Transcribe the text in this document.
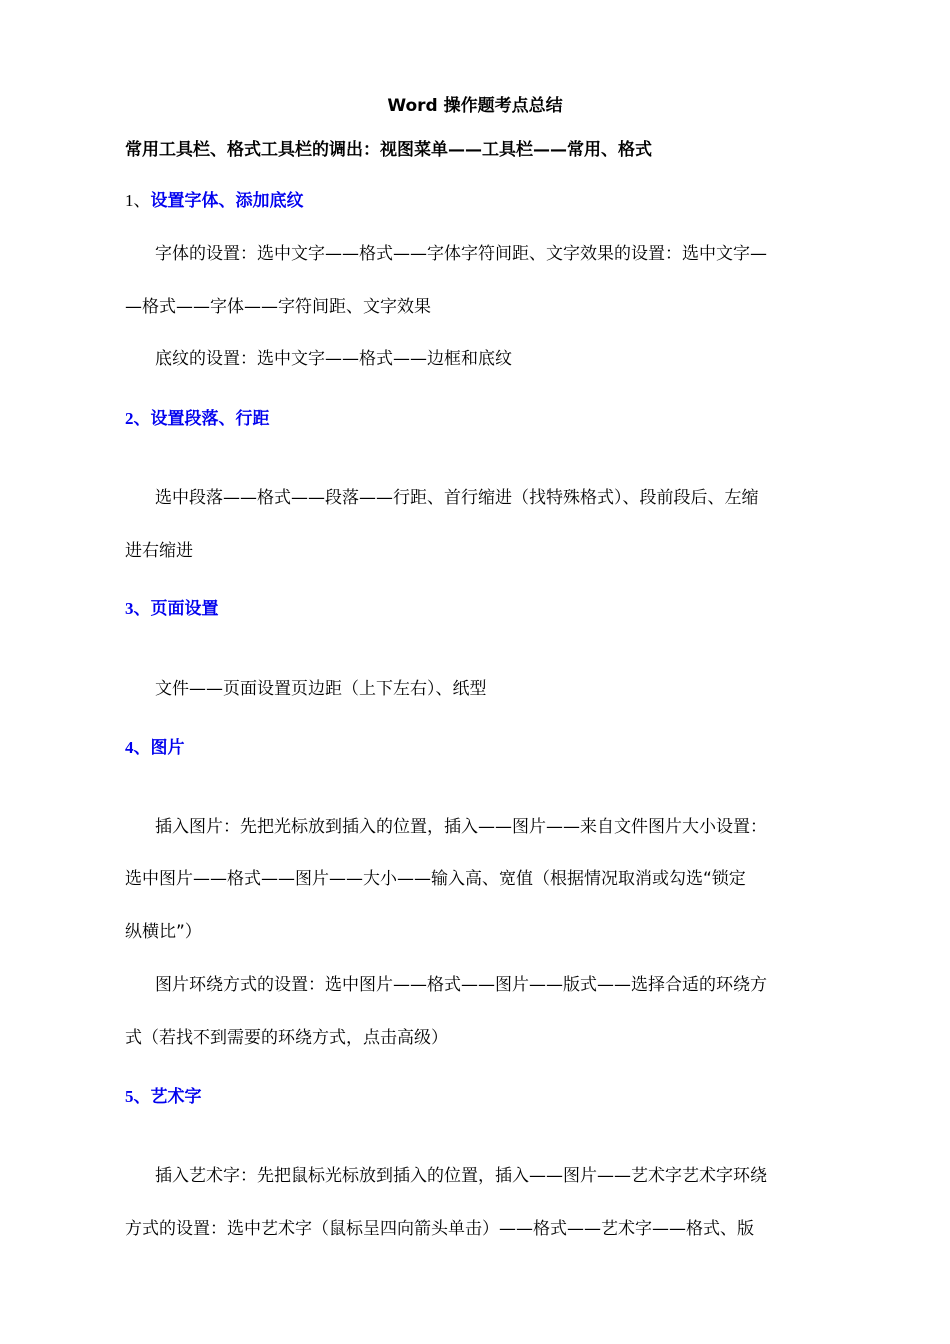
Word 操作题考点总结
常用工具栏、格式工具栏的调出：视图菜单——工具栏——常用、格式
1、设置字体、添加底纹
字体的设置：选中文字——格式——字体字符间距、文字效果的设置：选中文字—
—格式——字体——字符间距、文字效果
底纹的设置：选中文字——格式——边框和底纹
2、设置段落、行距
选中段落——格式——段落——行距、首行缩进（找特殊格式）、段前段后、左缩
进右缩进
3、页面设置
文件——页面设置页边距（上下左右）、纸型
4、图片
插入图片：先把光标放到插入的位置，插入——图片——来自文件图片大小设置：
选中图片——格式——图片——大小——输入高、宽值（根据情况取消或勾选“锁定
纵横比”）
图片环绕方式的设置：选中图片——格式——图片——版式——选择合适的环绕方
式（若找不到需要的环绕方式，点击高级）
5、艺术字
插入艺术字：先把鼠标光标放到插入的位置，插入——图片——艺术字艺术字环绕
方式的设置：选中艺术字（鼠标呈四向箭头单击）——格式——艺术字——格式、版
